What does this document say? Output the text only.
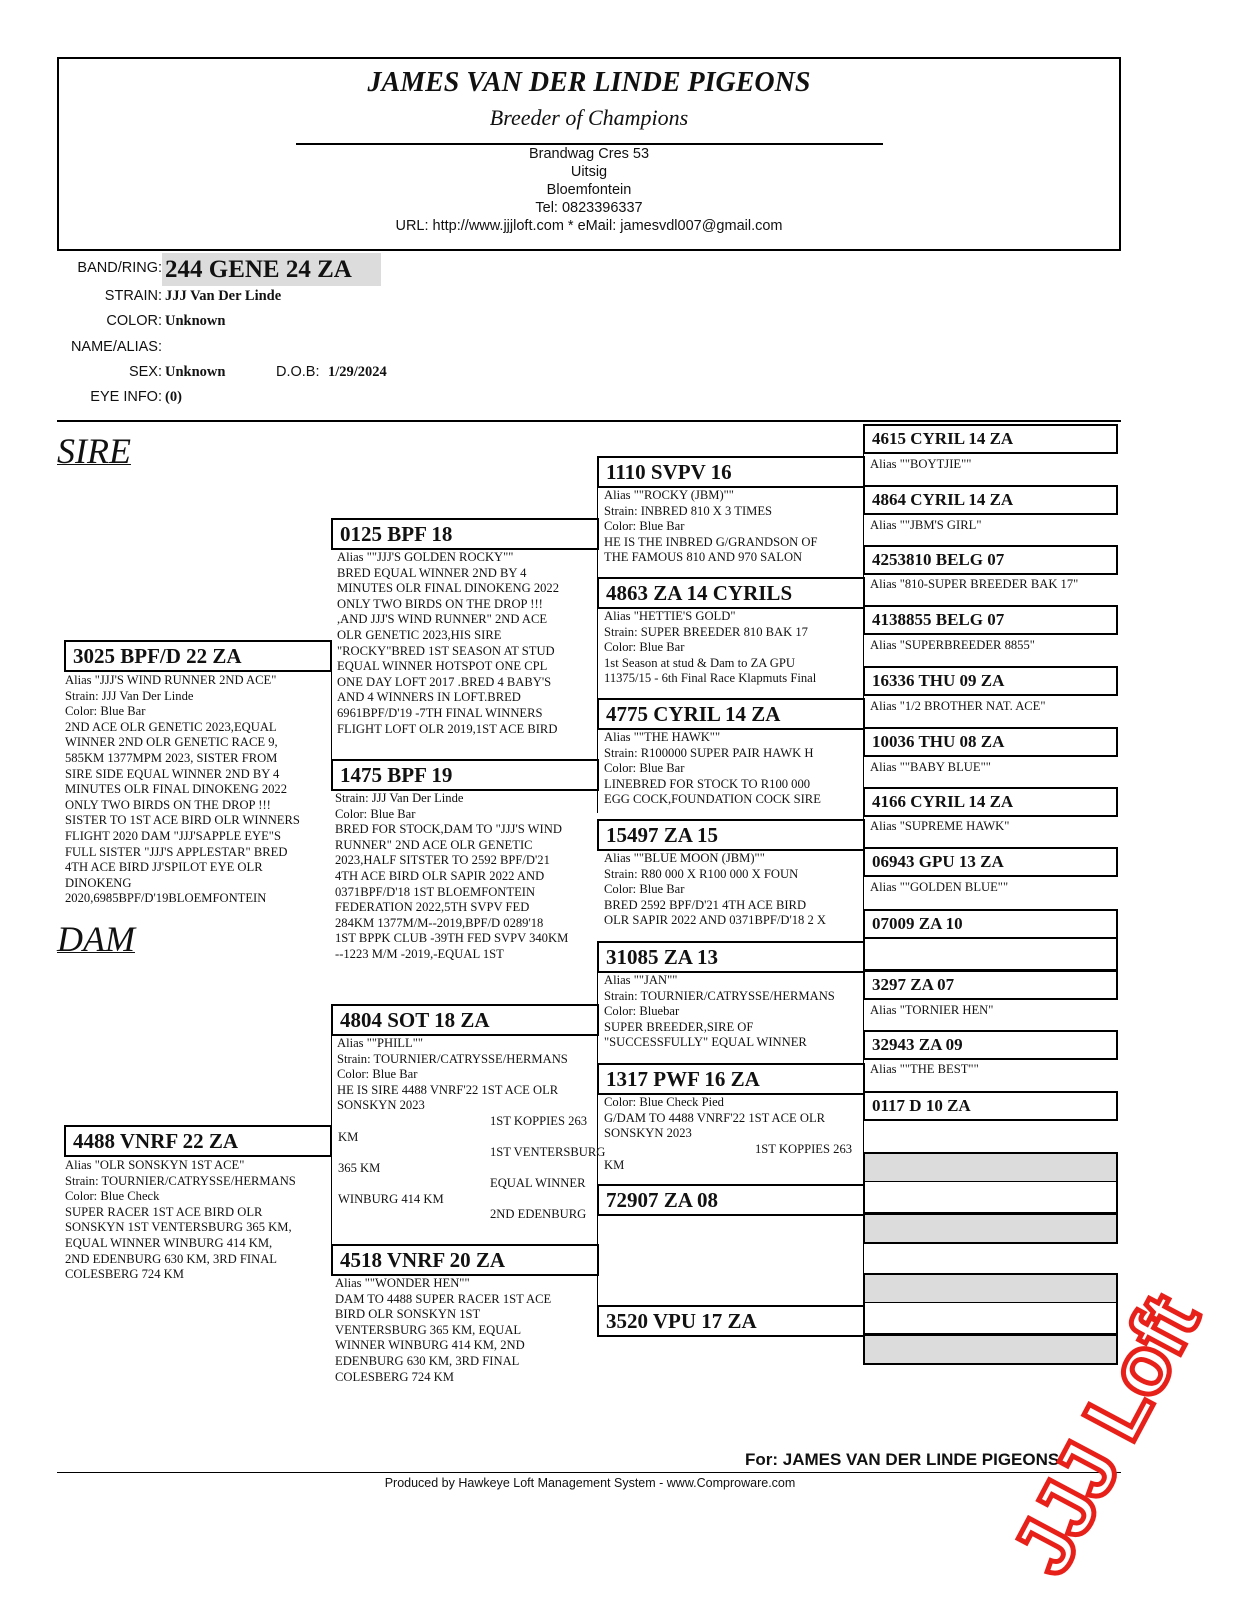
JAMES VAN DER LINDE PIGEONS
Breeder of Champions
Brandwag Cres 53
Uitsig
Bloemfontein
Tel: 0823396337
URL: http://www.jjjloft.com * eMail: jamesvdl007@gmail.com
BAND/RING: 244 GENE 24 ZA
STRAIN: JJJ Van Der Linde
COLOR: Unknown
NAME/ALIAS:
SEX: Unknown	D.O.B: 1/29/2024
EYE INFO: (0)
SIRE
DAM
3025 BPF/D 22 ZA
Alias "JJJ'S WIND RUNNER 2ND ACE"
Strain: JJJ Van Der Linde
Color: Blue Bar
2ND ACE OLR GENETIC 2023,EQUAL
WINNER 2ND OLR GENETIC RACE 9,
585KM 1377MPM 2023, SISTER FROM
SIRE SIDE EQUAL WINNER 2ND BY 4
MINUTES OLR FINAL DINOKENG 2022
ONLY TWO BIRDS ON THE DROP !!!
SISTER TO 1ST ACE BIRD OLR WINNERS
FLIGHT 2020 DAM "JJJ'SAPPLE EYE"S
FULL SISTER "JJJ'S APPLESTAR" BRED
4TH ACE BIRD JJ'SPILOT EYE OLR
DINOKENG
2020,6985BPF/D'19BLOEMFONTEIN
4488 VNRF 22 ZA
Alias "OLR SONSKYN 1ST ACE"
Strain: TOURNIER/CATRYSSE/HERMANS
Color: Blue Check
SUPER RACER 1ST ACE BIRD OLR
SONSKYN 1ST VENTERSBURG 365 KM,
EQUAL WINNER WINBURG 414 KM,
2ND EDENBURG 630 KM, 3RD FINAL
COLESBERG 724 KM
0125 BPF 18
Alias ""JJJ'S GOLDEN ROCKY""
BRED EQUAL WINNER 2ND BY 4
MINUTES OLR FINAL DINOKENG 2022
ONLY TWO BIRDS ON THE DROP !!!
,AND JJJ'S WIND RUNNER" 2ND ACE
OLR GENETIC 2023,HIS SIRE
"ROCKY"BRED 1ST SEASON AT STUD
EQUAL WINNER HOTSPOT ONE CPL
ONE DAY LOFT 2017 .BRED 4 BABY'S
AND 4 WINNERS IN LOFT.BRED
6961BPF/D'19 -7TH FINAL WINNERS
FLIGHT LOFT OLR 2019,1ST ACE BIRD
1475 BPF 19
Strain: JJJ Van Der Linde
Color: Blue Bar
BRED FOR STOCK,DAM TO "JJJ'S WIND
RUNNER" 2ND ACE OLR GENETIC
2023,HALF SITSTER TO 2592 BPF/D'21
4TH ACE BIRD OLR SAPIR 2022 AND
0371BPF/D'18 1ST BLOEMFONTEIN
FEDERATION 2022,5TH SVPV FED
284KM 1377M/M--2019,BPF/D 0289'18
1ST BPPK CLUB -39TH FED SVPV 340KM
--1223 M/M -2019,-EQUAL 1ST
4804 SOT 18 ZA
Alias ""PHILL""
Strain: TOURNIER/CATRYSSE/HERMANS
Color: Blue Bar
HE IS SIRE 4488 VNRF'22 1ST ACE OLR
SONSKYN 2023
KM
365 KM
WINBURG 414 KM
1ST KOPPIES 263
1ST VENTERSBURG
EQUAL WINNER
2ND EDENBURG
4518 VNRF 20 ZA
Alias ""WONDER HEN""
DAM TO 4488 SUPER RACER 1ST ACE
BIRD OLR SONSKYN 1ST
VENTERSBURG 365 KM, EQUAL
WINNER WINBURG 414 KM, 2ND
EDENBURG 630 KM, 3RD FINAL
COLESBERG 724 KM
1110 SVPV 16
Alias ""ROCKY (JBM)""
Strain: INBRED 810 X 3 TIMES
Color: Blue Bar
HE IS THE INBRED G/GRANDSON OF
THE FAMOUS 810 AND 970 SALON
4863 ZA 14 CYRILS
Alias "HETTIE'S GOLD"
Strain: SUPER BREEDER 810 BAK 17
Color: Blue Bar
1st Season at stud & Dam to ZA GPU
11375/15 - 6th Final Race Klapmuts Final
4775 CYRIL 14 ZA
Alias ""THE HAWK""
Strain: R100000 SUPER PAIR HAWK H
Color: Blue Bar
LINEBRED FOR STOCK TO R100 000
EGG COCK,FOUNDATION COCK SIRE
15497 ZA 15
Alias ""BLUE MOON (JBM)""
Strain: R80 000 X R100 000 X FOUN
Color: Blue Bar
BRED 2592 BPF/D'21 4TH ACE BIRD
OLR SAPIR 2022 AND 0371BPF/D'18 2 X
31085 ZA 13
Alias ""JAN""
Strain: TOURNIER/CATRYSSE/HERMANS
Color: Bluebar
SUPER BREEDER,SIRE OF
"SUCCESSFULLY" EQUAL WINNER
1317 PWF 16 ZA
Color: Blue Check Pied
G/DAM TO 4488 VNRF'22 1ST ACE OLR
SONSKYN 2023
KM
1ST KOPPIES 263
72907 ZA 08
3520 VPU 17 ZA
4615 CYRIL 14 ZA
Alias ""BOYTJIE""
4864 CYRIL 14 ZA
Alias ""JBM'S GIRL"
4253810 BELG 07
Alias "810-SUPER BREEDER BAK 17"
4138855 BELG 07
Alias "SUPERBREEDER 8855"
16336 THU 09 ZA
Alias "1/2 BROTHER NAT. ACE"
10036 THU 08 ZA
Alias ""BABY BLUE""
4166 CYRIL 14 ZA
Alias "SUPREME HAWK"
06943 GPU 13 ZA
Alias ""GOLDEN BLUE""
07009 ZA 10
3297 ZA 07
Alias "TORNIER HEN"
32943 ZA 09
Alias ""THE BEST""
0117 D 10 ZA
For: JAMES VAN DER LINDE PIGEONS
Produced by Hawkeye Loft Management System - www.Comproware.com	JJJ Loft
